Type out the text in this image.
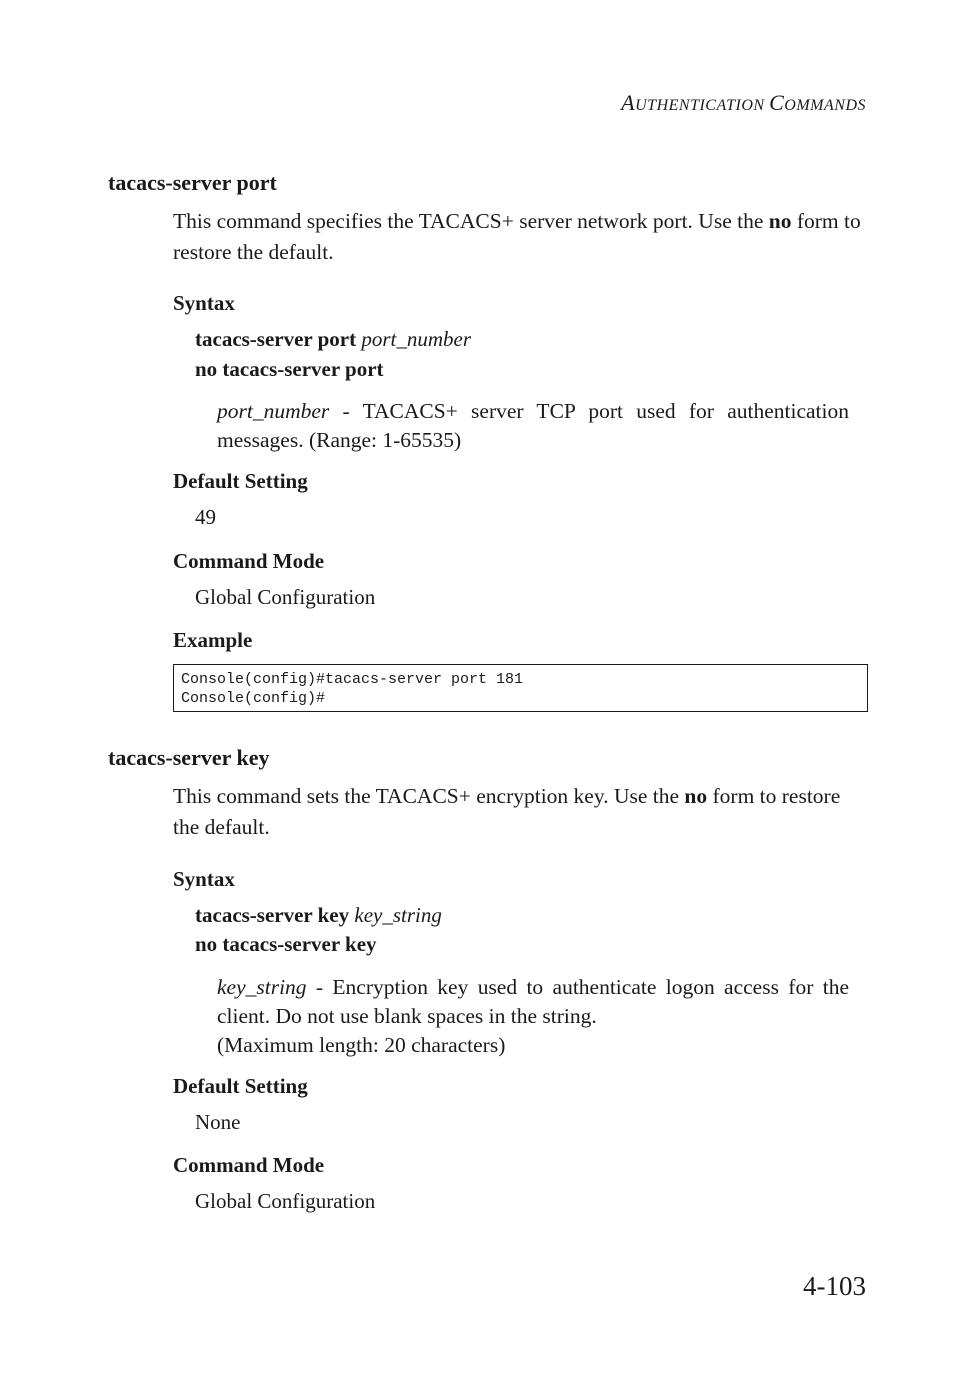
AUTHENTICATION COMMANDS
tacacs-server port
This command specifies the TACACS+ server network port. Use the no form to restore the default.
Syntax
tacacs-server port port_number
no tacacs-server port
port_number - TACACS+ server TCP port used for authentication messages. (Range: 1-65535)
Default Setting
49
Command Mode
Global Configuration
Example
Console(config)#tacacs-server port 181
Console(config)#
tacacs-server key
This command sets the TACACS+ encryption key. Use the no form to restore the default.
Syntax
tacacs-server key key_string
no tacacs-server key
key_string - Encryption key used to authenticate logon access for the client. Do not use blank spaces in the string.
(Maximum length: 20 characters)
Default Setting
None
Command Mode
Global Configuration
4-103
